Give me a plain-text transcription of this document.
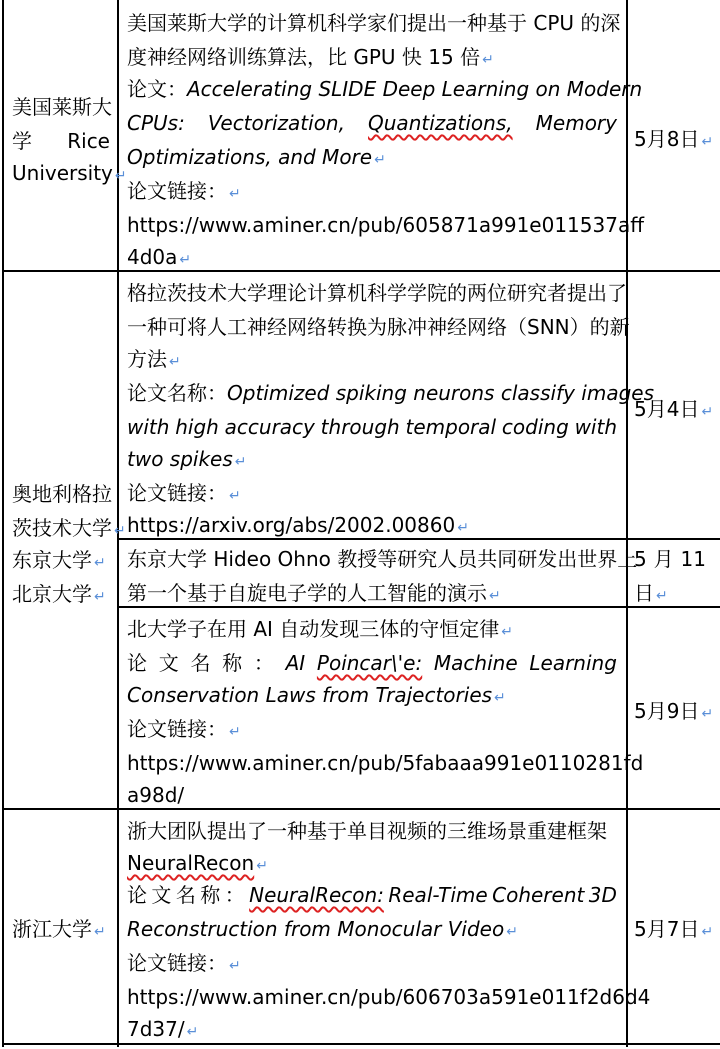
美国莱斯大
学 Rice
University ↵
美国莱斯大学的计算机科学家们提出一种基于 CPU 的深
度神经网络训练算法，比 GPU 快 15 倍 ↵
论文：Accelerating SLIDE Deep Learning on Modern
CPUs: Vectorization, Quantizations, Memory
Optimizations, and More ↵
论文链接： ↵
https://www.aminer.cn/pub/605871a991e011537aff
4d0a ↵
5月8日 ↵
奥地利格拉
茨技术大学 ↵
东京大学 ↵
北京大学 ↵
格拉茨技术大学理论计算机科学学院的两位研究者提出了
一种可将人工神经网络转换为脉冲神经网络（SNN）的新
方法 ↵
论文名称：Optimized spiking neurons classify images
with high accuracy through temporal coding with
two spikes ↵
论文链接： ↵
https://arxiv.org/abs/2002.00860 ↵
5月4日 ↵
东京大学 Hideo Ohno 教授等研究人员共同研发出世界上
第一个基于自旋电子学的人工智能的演示 ↵
5 月 11
日 ↵
北大学子在用 AI 自动发现三体的守恒定律 ↵
论 文 名 称 ： AI Poincar\'e: Machine Learning
Conservation Laws from Trajectories ↵
论文链接： ↵
https://www.aminer.cn/pub/5fabaaa991e0110281fd
a98d/
5月9日 ↵
浙江大学 ↵
浙大团队提出了一种基于单目视频的三维场景重建框架
NeuralRecon ↵
论 文 名 称 ： NeuralRecon: Real-Time Coherent 3D
Reconstruction from Monocular Video ↵
论文链接： ↵
https://www.aminer.cn/pub/606703a591e011f2d6d4
7d37/ ↵
5月7日 ↵
